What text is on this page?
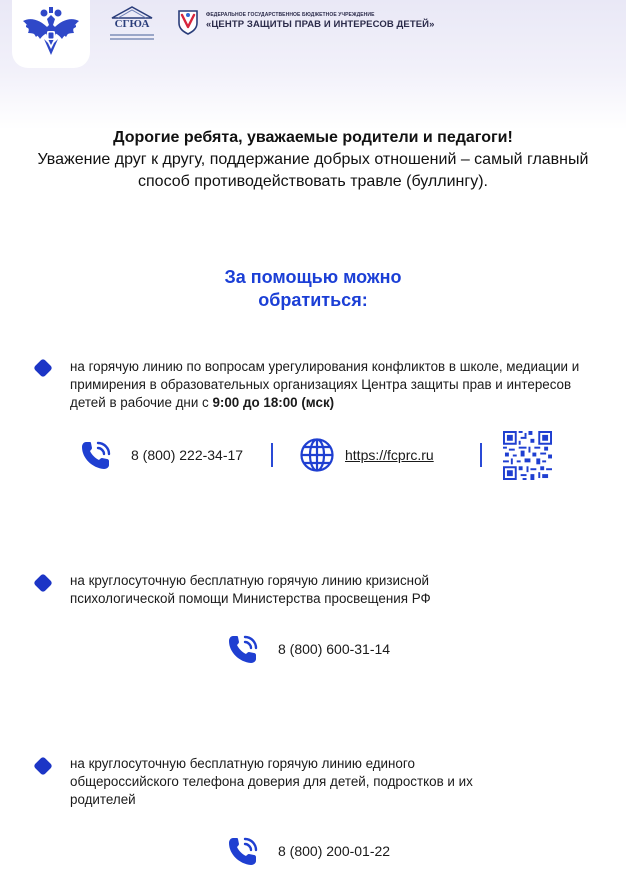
СГЮА
ФЕДЕРАЛЬНОЕ ГОСУДАРСТВЕННОЕ БЮДЖЕТНОЕ УЧРЕЖДЕНИЕ
«ЦЕНТР ЗАЩИТЫ ПРАВ И ИНТЕРЕСОВ ДЕТЕЙ»
Дорогие ребята, уважаемые родители и педагоги!
Уважение друг к другу, поддержание добрых отношений – самый главный способ противодействовать травле (буллингу).
За помощью можно
обратиться:
на горячую линию по вопросам урегулирования конфликтов в школе, медиации и примирения в образовательных организациях Центра защиты прав и интересов детей в рабочие дни с 9:00 до 18:00 (мск)
8 (800) 222-34-17	https://fcprc.ru
на круглосуточную бесплатную горячую линию кризисной психологической помощи Министерства просвещения РФ
8 (800) 600-31-14
на круглосуточную бесплатную горячую линию единого общероссийского телефона доверия для детей, подростков и их родителей
8 (800) 200-01-22
